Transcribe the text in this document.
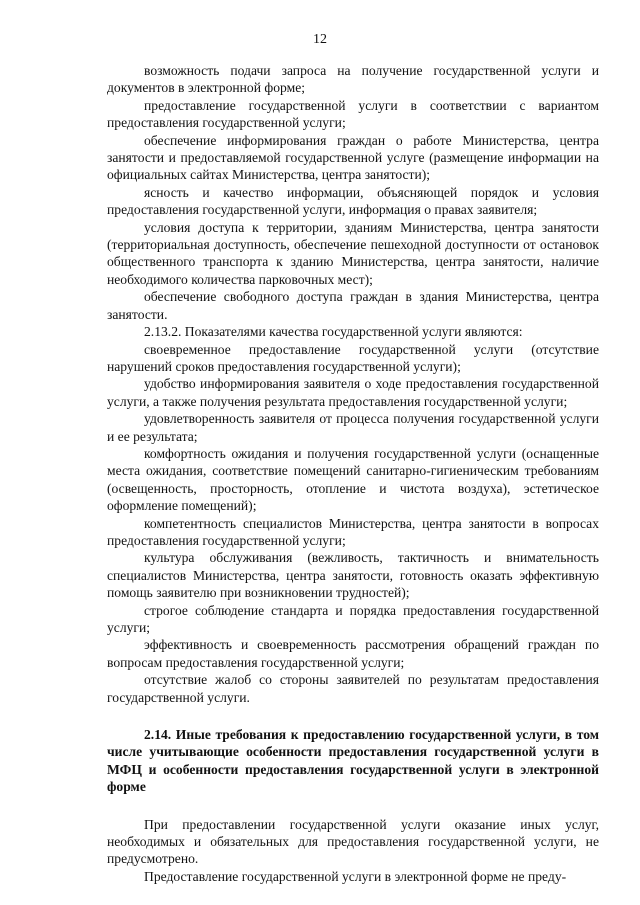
12

возможность подачи запроса на получение государственной услуги и документов в электронной форме;

предоставление государственной услуги в соответствии с вариантом предоставления государственной услуги;

обеспечение информирования граждан о работе Министерства, центра занятости и предоставляемой государственной услуге (размещение информации на официальных сайтах Министерства, центра занятости);

ясность и качество информации, объясняющей порядок и условия предоставления государственной услуги, информация о правах заявителя;

условия доступа к территории, зданиям Министерства, центра занятости (территориальная доступность, обеспечение пешеходной доступности от остановок общественного транспорта к зданию Министерства, центра занятости, наличие необходимого количества парковочных мест);

обеспечение свободного доступа граждан в здания Министерства, центра занятости.

2.13.2. Показателями качества государственной услуги являются:

своевременное предоставление государственной услуги (отсутствие нарушений сроков предоставления государственной услуги);

удобство информирования заявителя о ходе предоставления государственной услуги, а также получения результата предоставления государственной услуги;

удовлетворенность заявителя от процесса получения государственной услуги и ее результата;

комфортность ожидания и получения государственной услуги (оснащенные места ожидания, соответствие помещений санитарно-гигиеническим требованиям (освещенность, просторность, отопление и чистота воздуха), эстетическое оформление помещений);

компетентность специалистов Министерства, центра занятости в вопросах предоставления государственной услуги;

культура обслуживания (вежливость, тактичность и внимательность специалистов Министерства, центра занятости, готовность оказать эффективную помощь заявителю при возникновении трудностей);

строгое соблюдение стандарта и порядка предоставления государственной услуги;

эффективность и своевременность рассмотрения обращений граждан по вопросам предоставления государственной услуги;

отсутствие жалоб со стороны заявителей по результатам предоставления государственной услуги.

2.14. Иные требования к предоставлению государственной услуги, в том числе учитывающие особенности предоставления государственной услуги в МФЦ и особенности предоставления государственной услуги в электронной форме

При предоставлении государственной услуги оказание иных услуг, необходимых и обязательных для предоставления государственной услуги, не предусмотрено.

Предоставление государственной услуги в электронной форме не преду-
